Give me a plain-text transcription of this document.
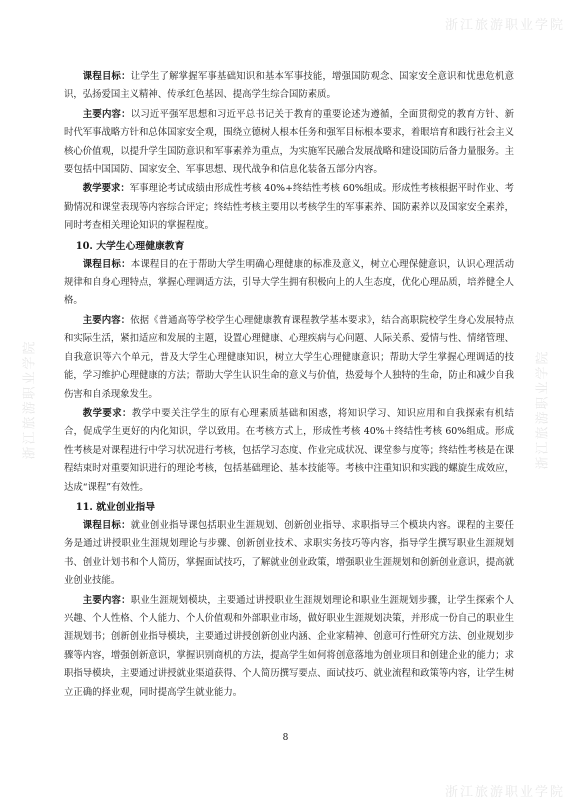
浙江旅游职业学院
浙江旅游职业学院	浙江旅游职业学院
浙江旅游职业学院

课程目标：让学生了解掌握军事基础知识和基本军事技能，增强国防观念、国家安全意识和忧患危机意识，弘扬爱国主义精神、传承红色基因、提高学生综合国防素质。

主要内容：以习近平强军思想和习近平总书记关于教育的重要论述为遵循，全面贯彻党的教育方针、新时代军事战略方针和总体国家安全观，围绕立德树人根本任务和强军目标根本要求，着眼培育和践行社会主义核心价值观，以提升学生国防意识和军事素养为重点，为实施军民融合发展战略和建设国防后备力量服务。主要包括中国国防、国家安全、军事思想、现代战争和信息化装备五部分内容。

教学要求：军事理论考试成绩由形成性考核 40%+终结性考核 60%组成。形成性考核根据平时作业、考勤情况和课堂表现等内容综合评定；终结性考核主要用以考核学生的军事素养、国防素养以及国家安全素养，同时考查相关理论知识的掌握程度。

10. 大学生心理健康教育

课程目标：本课程目的在于帮助大学生明确心理健康的标准及意义，树立心理保健意识，认识心理活动规律和自身心理特点，掌握心理调适方法，引导大学生拥有积极向上的人生态度，优化心理品质，培养健全人格。

主要内容：依据《普通高等学校学生心理健康教育课程教学基本要求》，结合高职院校学生身心发展特点和实际生活，紧扣适应和发展的主题，设置心理健康、心理疾病与心问题、人际关系、爱情与性、情绪管理、自我意识等六个单元，普及大学生心理健康知识，树立大学生心理健康意识；帮助大学生掌握心理调适的技能，学习维护心理健康的方法；帮助大学生认识生命的意义与价值，热爱每个人独特的生命，防止和减少自我伤害和自杀现象发生。

教学要求：教学中要关注学生的原有心理素质基础和困惑，将知识学习、知识应用和自我探索有机结合，促成学生更好的内化知识，学以致用。在考核方式上，形成性考核 40%＋终结性考核 60%组成。形成性考核是对课程进行中学习状况进行考核，包括学习态度、作业完成状况、课堂参与度等；终结性考核是在课程结束时对重要知识进行的理论考核，包括基础理论、基本技能等。考核中注重知识和实践的螺旋生成效应，达成“课程”有效性。

11. 就业创业指导

课程目标：就业创业指导课包括职业生涯规划、创新创业指导、求职指导三个模块内容。课程的主要任务是通过讲授职业生涯规划理论与步骤、创新创业技术、求职实务技巧等内容，指导学生撰写职业生涯规划书、创业计划书和个人简历，掌握面试技巧，了解就业创业政策，增强职业生涯规划和创新创业意识，提高就业创业技能。

主要内容：职业生涯规划模块，主要通过讲授职业生涯规划理论和职业生涯规划步骤，让学生探索个人兴趣、个人性格、个人能力、个人价值观和外部职业市场，做好职业生涯规划决策，并形成一份自己的职业生涯规划书；创新创业指导模块，主要通过讲授创新创业内涵、企业家精神、创意可行性研究方法、创业规划步骤等内容，增强创新意识，掌握识别商机的方法，提高学生如何将创意落地为创业项目和创建企业的能力；求职指导模块，主要通过讲授就业渠道获得、个人简历撰写要点、面试技巧、就业流程和政策等内容，让学生树立正确的择业观，同时提高学生就业能力。

8
